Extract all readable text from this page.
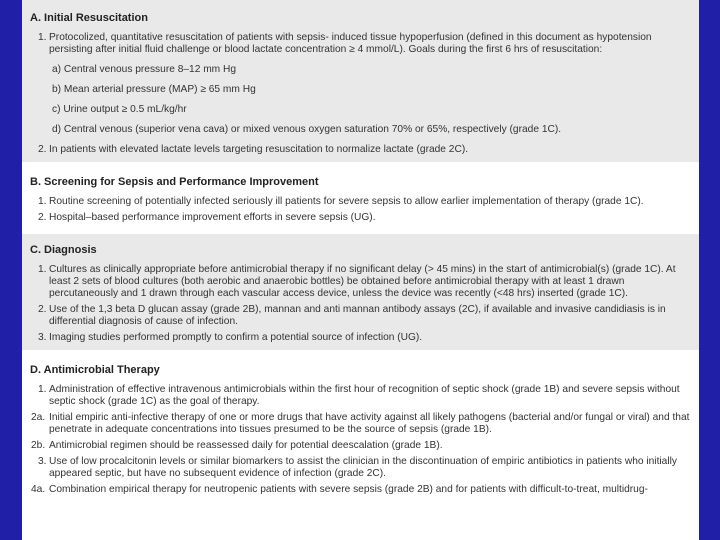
A. Initial Resuscitation
1. Protocolized, quantitative resuscitation of patients with sepsis- induced tissue hypoperfusion (defined in this document as hypotension persisting after initial fluid challenge or blood lactate concentration ≥ 4 mmol/L). Goals during the first 6 hrs of resuscitation:
a) Central venous pressure 8–12 mm Hg
b) Mean arterial pressure (MAP) ≥ 65 mm Hg
c) Urine output ≥ 0.5 mL/kg/hr
d) Central venous (superior vena cava) or mixed venous oxygen saturation 70% or 65%, respectively (grade 1C).
2. In patients with elevated lactate levels targeting resuscitation to normalize lactate (grade 2C).
B. Screening for Sepsis and Performance Improvement
1. Routine screening of potentially infected seriously ill patients for severe sepsis to allow earlier implementation of therapy (grade 1C).
2. Hospital–based performance improvement efforts in severe sepsis (UG).
C. Diagnosis
1. Cultures as clinically appropriate before antimicrobial therapy if no significant delay (> 45 mins) in the start of antimicrobial(s) (grade 1C). At least 2 sets of blood cultures (both aerobic and anaerobic bottles) be obtained before antimicrobial therapy with at least 1 drawn percutaneously and 1 drawn through each vascular access device, unless the device was recently (<48 hrs) inserted (grade 1C).
2. Use of the 1,3 beta D glucan assay (grade 2B), mannan and anti mannan antibody assays (2C), if available and invasive candidiasis is in differential diagnosis of cause of infection.
3. Imaging studies performed promptly to confirm a potential source of infection (UG).
D. Antimicrobial Therapy
1. Administration of effective intravenous antimicrobials within the first hour of recognition of septic shock (grade 1B) and severe sepsis without septic shock (grade 1C) as the goal of therapy.
2a. Initial empiric anti-infective therapy of one or more drugs that have activity against all likely pathogens (bacterial and/or fungal or viral) and that penetrate in adequate concentrations into tissues presumed to be the source of sepsis (grade 1B).
2b. Antimicrobial regimen should be reassessed daily for potential deescalation (grade 1B).
3. Use of low procalcitonin levels or similar biomarkers to assist the clinician in the discontinuation of empiric antibiotics in patients who initially appeared septic, but have no subsequent evidence of infection (grade 2C).
4a. Combination empirical therapy for neutropenic patients with severe sepsis (grade 2B) and for patients with difficult-to-treat, multidrug-
